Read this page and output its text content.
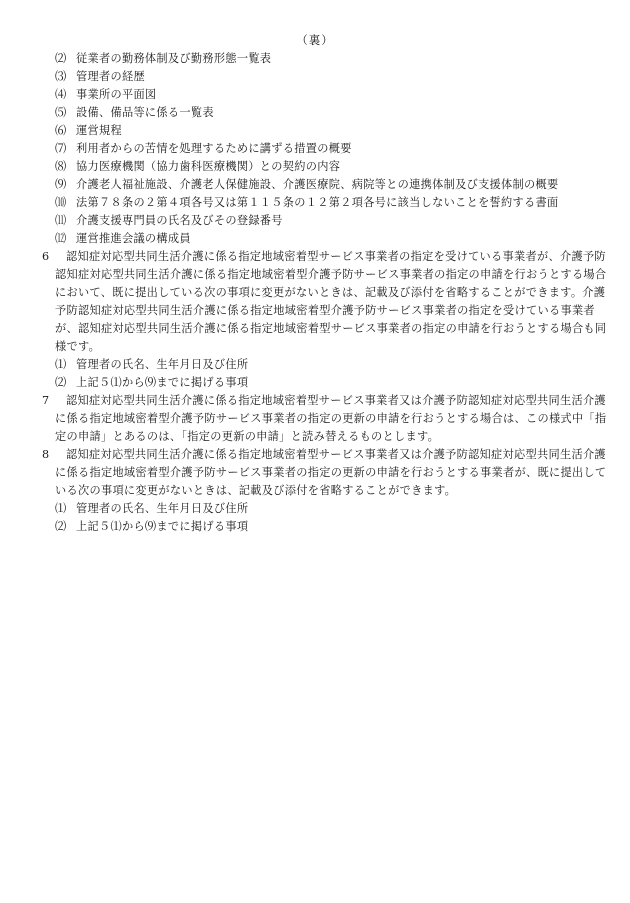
（裏）
⑵ 従業者の勤務体制及び勤務形態一覧表
⑶ 管理者の経歴
⑷ 事業所の平面図
⑸ 設備、備品等に係る一覧表
⑹ 運営規程
⑺ 利用者からの苦情を処理するために講ずる措置の概要
⑻ 協力医療機関（協力歯科医療機関）との契約の内容
⑼ 介護老人福祉施設、介護老人保健施設、介護医療院、病院等との連携体制及び支援体制の概要
⑽ 法第７８条の２第４項各号又は第１１５条の１２第２項各号に該当しないことを誓約する書面
⑾ 介護支援専門員の氏名及びその登録番号
⑿ 運営推進会議の構成員
6	認知症対応型共同生活介護に係る指定地域密着型サービス事業者の指定を受けている事業者が、介護予防
認知症対応型共同生活介護に係る指定地域密着型介護予防サービス事業者の指定の申請を行おうとする場合
において、既に提出している次の事項に変更がないときは、記載及び添付を省略することができます。介護
予防認知症対応型共同生活介護に係る指定地域密着型介護予防サービス事業者の指定を受けている事業者
が、認知症対応型共同生活介護に係る指定地域密着型サービス事業者の指定の申請を行おうとする場合も同
様です。
⑴ 管理者の氏名、生年月日及び住所
⑵ 上記５⑴から⑼までに掲げる事項
7	認知症対応型共同生活介護に係る指定地域密着型サービス事業者又は介護予防認知症対応型共同生活介護
に係る指定地域密着型介護予防サービス事業者の指定の更新の申請を行おうとする場合は、この様式中「指
定の申請」とあるのは、「指定の更新の申請」と読み替えるものとします。
8	認知症対応型共同生活介護に係る指定地域密着型サービス事業者又は介護予防認知症対応型共同生活介護
に係る指定地域密着型介護予防サービス事業者の指定の更新の申請を行おうとする事業者が、既に提出して
いる次の事項に変更がないときは、記載及び添付を省略することができます。
⑴ 管理者の氏名、生年月日及び住所
⑵ 上記５⑴から⑼までに掲げる事項
